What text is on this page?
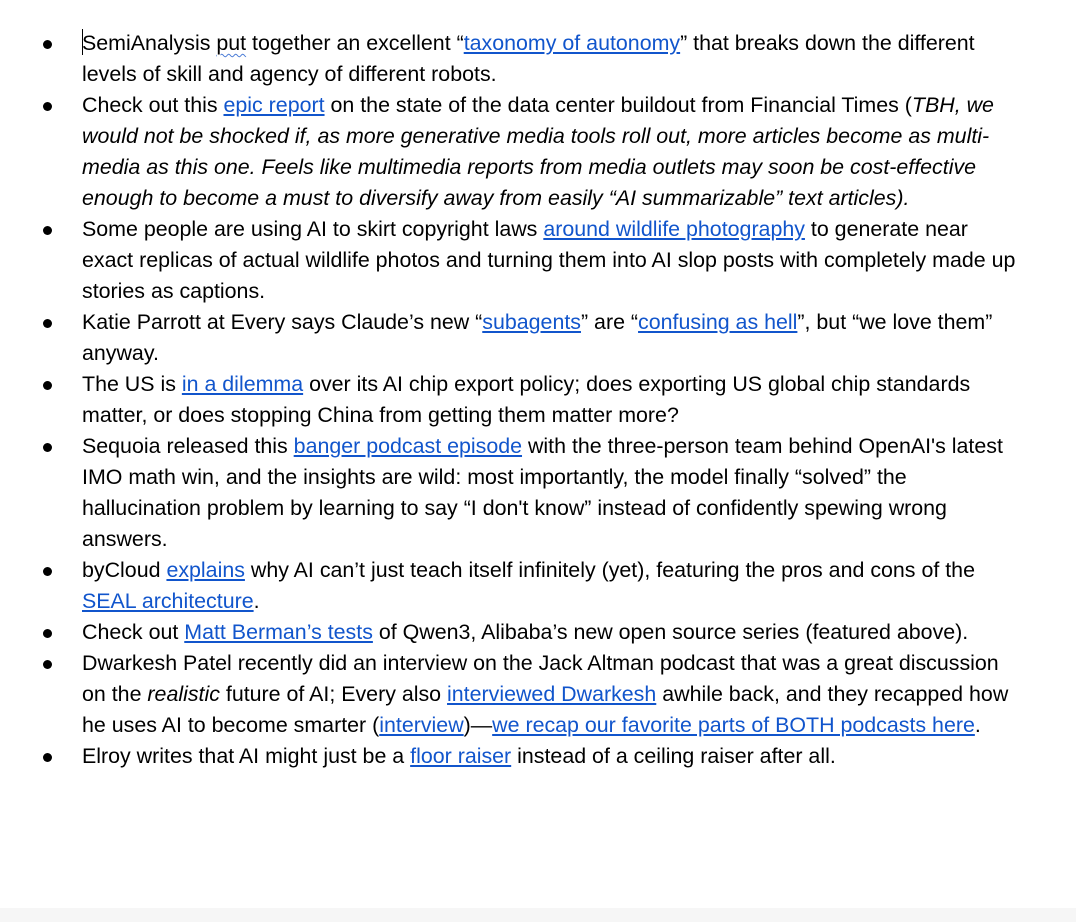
SemiAnalysis put together an excellent “taxonomy of autonomy” that breaks down the different levels of skill and agency of different robots.
Check out this epic report on the state of the data center buildout from Financial Times (TBH, we would not be shocked if, as more generative media tools roll out, more articles become as multi-media as this one. Feels like multimedia reports from media outlets may soon be cost-effective enough to become a must to diversify away from easily “AI summarizable” text articles).
Some people are using AI to skirt copyright laws around wildlife photography to generate near exact replicas of actual wildlife photos and turning them into AI slop posts with completely made up stories as captions.
Katie Parrott at Every says Claude’s new “subagents” are “confusing as hell”, but “we love them” anyway.
The US is in a dilemma over its AI chip export policy; does exporting US global chip standards matter, or does stopping China from getting them matter more?
Sequoia released this banger podcast episode with the three-person team behind OpenAI's latest IMO math win, and the insights are wild: most importantly, the model finally “solved” the hallucination problem by learning to say “I don't know” instead of confidently spewing wrong answers.
byCloud explains why AI can’t just teach itself infinitely (yet), featuring the pros and cons of the SEAL architecture.
Check out Matt Berman’s tests of Qwen3, Alibaba’s new open source series (featured above).
Dwarkesh Patel recently did an interview on the Jack Altman podcast that was a great discussion on the realistic future of AI; Every also interviewed Dwarkesh awhile back, and they recapped how he uses AI to become smarter (interview)—we recap our favorite parts of BOTH podcasts here.
Elroy writes that AI might just be a floor raiser instead of a ceiling raiser after all.
